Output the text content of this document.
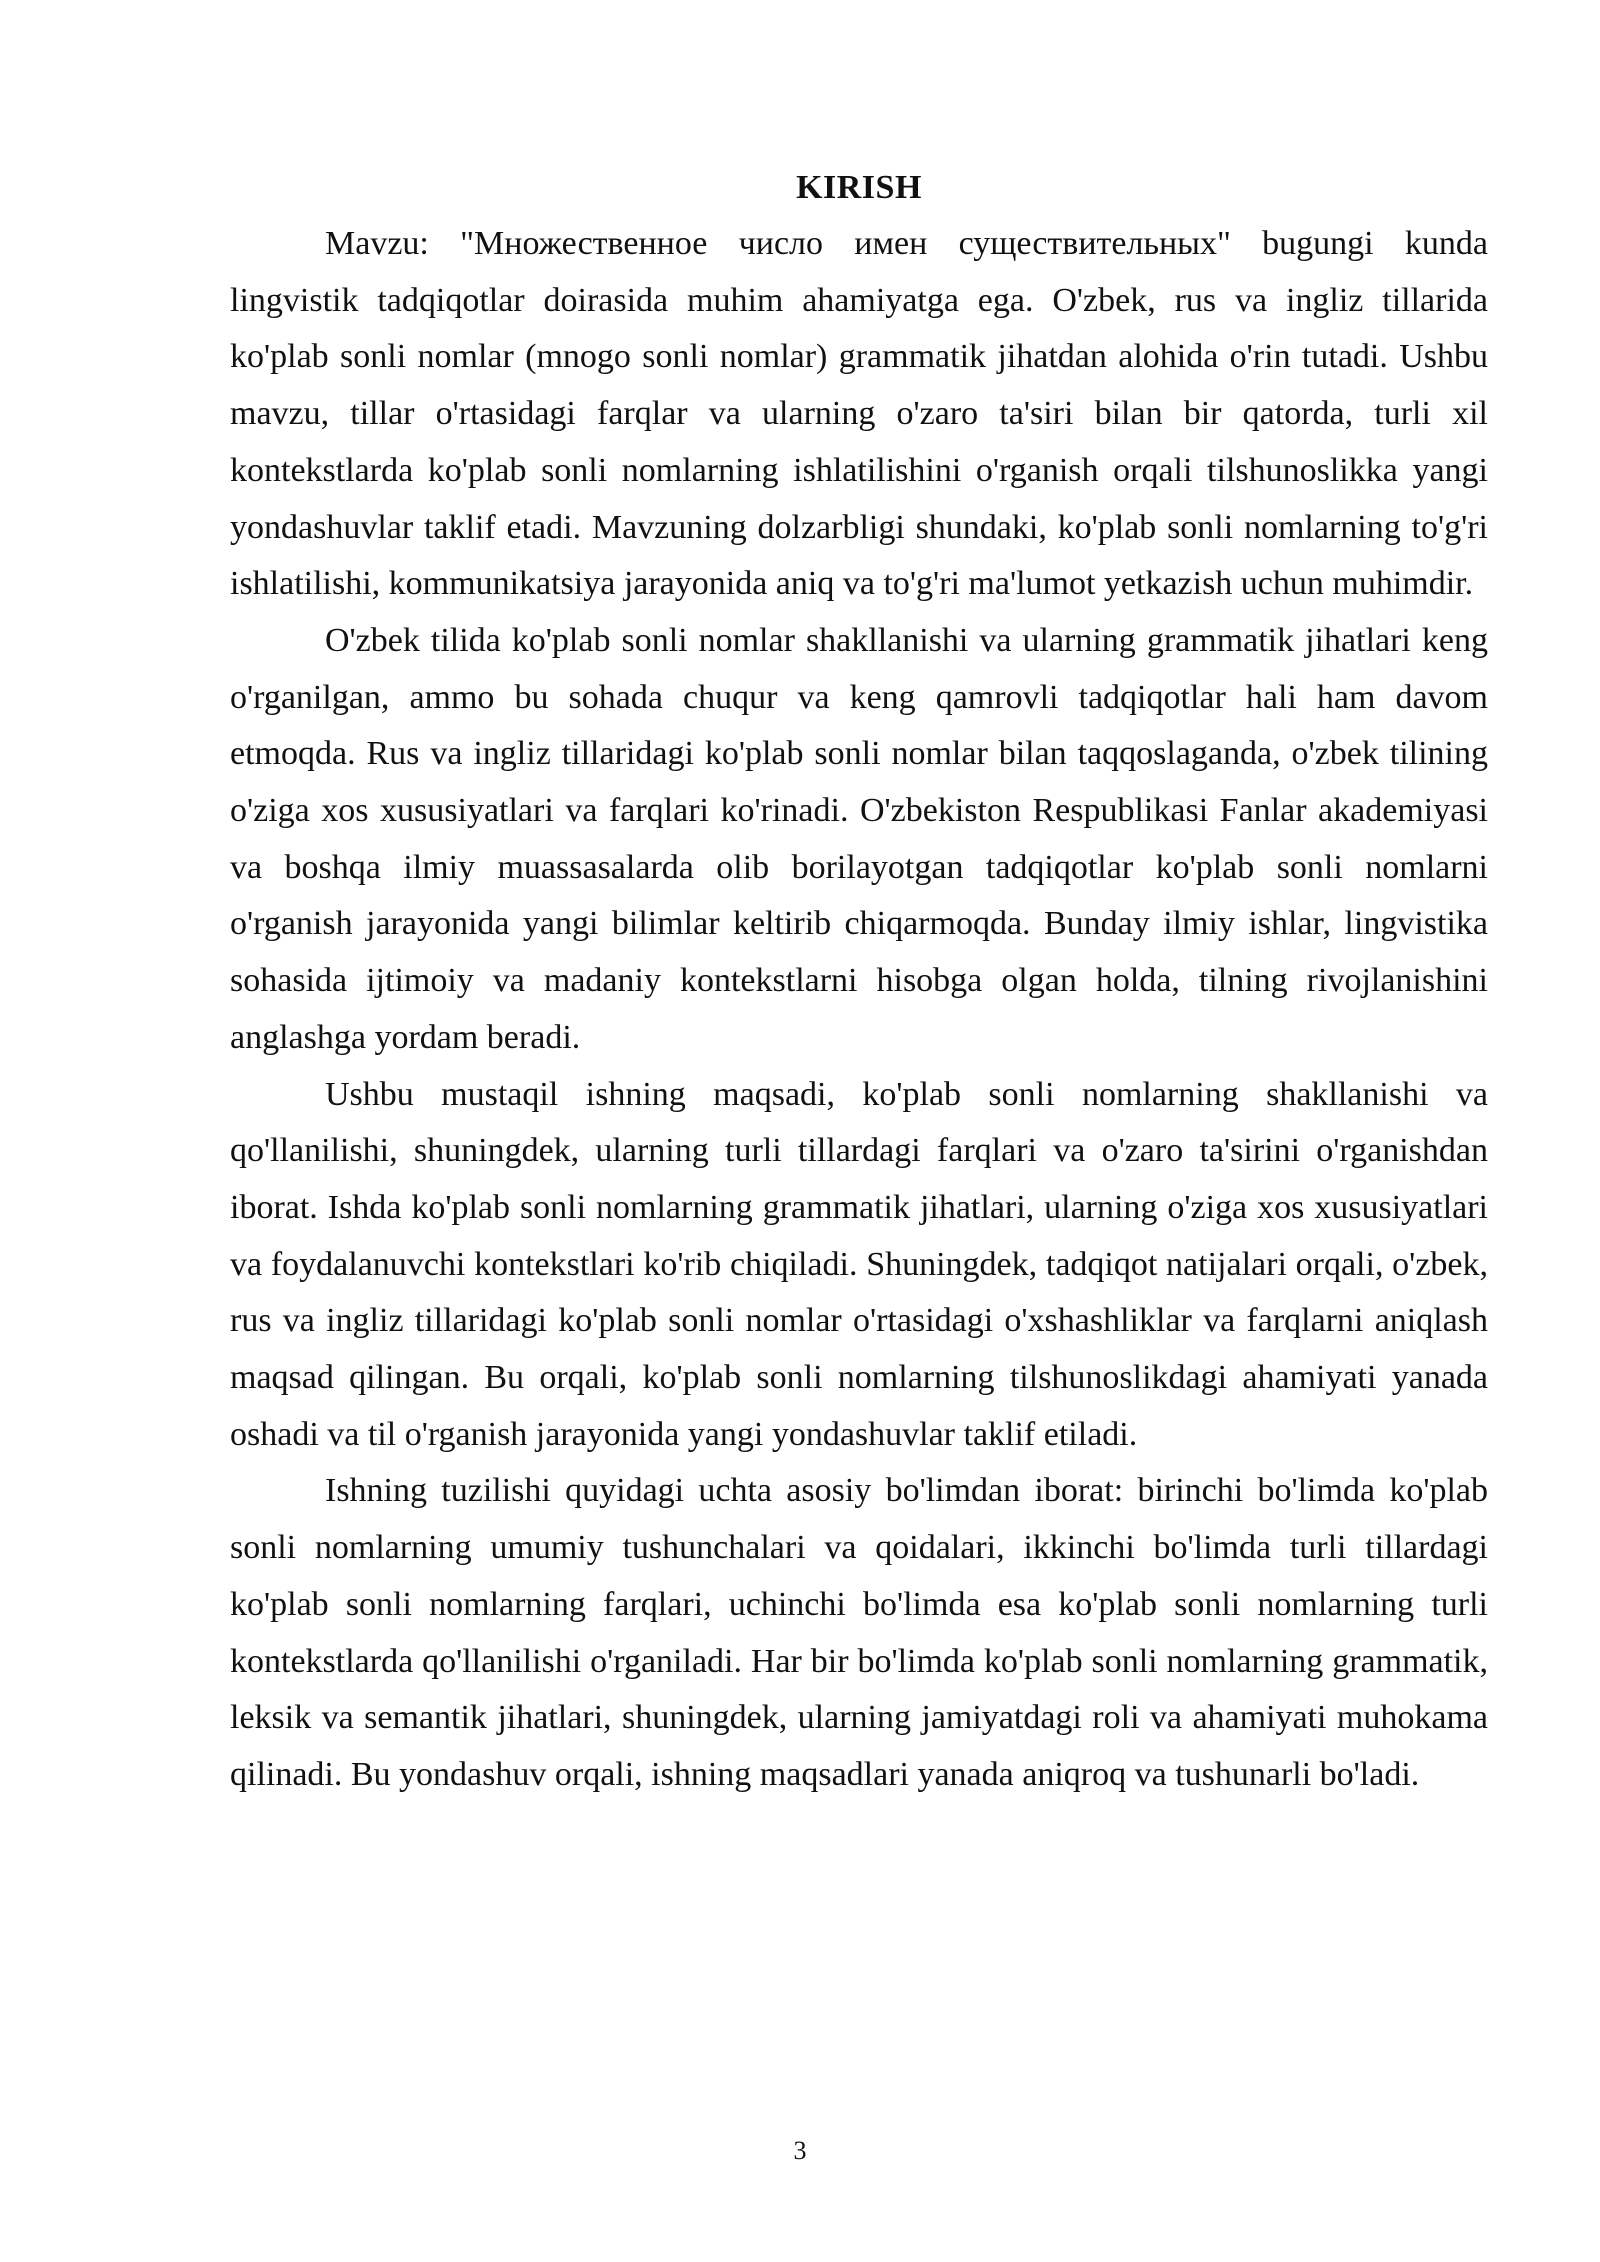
KIRISH

Mavzu: "Множественное число имен существительных" bugungi kunda lingvistik tadqiqotlar doirasida muhim ahamiyatga ega. O'zbek, rus va ingliz tillarida ko'plab sonli nomlar (mnogo sonli nomlar) grammatik jihatdan alohida o'rin tutadi. Ushbu mavzu, tillar o'rtasidagi farqlar va ularning o'zaro ta'siri bilan bir qatorda, turli xil kontekstlarda ko'plab sonli nomlarning ishlatilishini o'rganish orqali tilshunoslikka yangi yondashuvlar taklif etadi. Mavzuning dolzarbligi shundaki, ko'plab sonli nomlarning to'g'ri ishlatilishi, kommunikatsiya jarayonida aniq va to'g'ri ma'lumot yetkazish uchun muhimdir.

O'zbek tilida ko'plab sonli nomlar shakllanishi va ularning grammatik jihatlari keng o'rganilgan, ammo bu sohada chuqur va keng qamrovli tadqiqotlar hali ham davom etmoqda. Rus va ingliz tillaridagi ko'plab sonli nomlar bilan taqqoslaganda, o'zbek tilining o'ziga xos xususiyatlari va farqlari ko'rinadi. O'zbekiston Respublikasi Fanlar akademiyasi va boshqa ilmiy muassasalarda olib borilayotgan tadqiqotlar ko'plab sonli nomlarni o'rganish jarayonida yangi bilimlar keltirib chiqarmoqda. Bunday ilmiy ishlar, lingvistika sohasida ijtimoiy va madaniy kontekstlarni hisobga olgan holda, tilning rivojlanishini anglashga yordam beradi.

Ushbu mustaqil ishning maqsadi, ko'plab sonli nomlarning shakllanishi va qo'llanilishi, shuningdek, ularning turli tillardagi farqlari va o'zaro ta'sirini o'rganishdan iborat. Ishda ko'plab sonli nomlarning grammatik jihatlari, ularning o'ziga xos xususiyatlari va foydalanuvchi kontekstlari ko'rib chiqiladi. Shuningdek, tadqiqot natijalari orqali, o'zbek, rus va ingliz tillaridagi ko'plab sonli nomlar o'rtasidagi o'xshashliklar va farqlarni aniqlash maqsad qilingan. Bu orqali, ko'plab sonli nomlarning tilshunoslikdagi ahamiyati yanada oshadi va til o'rganish jarayonida yangi yondashuvlar taklif etiladi.

Ishning tuzilishi quyidagi uchta asosiy bo'limdan iborat: birinchi bo'limda ko'plab sonli nomlarning umumiy tushunchalari va qoidalari, ikkinchi bo'limda turli tillardagi ko'plab sonli nomlarning farqlari, uchinchi bo'limda esa ko'plab sonli nomlarning turli kontekstlarda qo'llanilishi o'rganiladi. Har bir bo'limda ko'plab sonli nomlarning grammatik, leksik va semantik jihatlari, shuningdek, ularning jamiyatdagi roli va ahamiyati muhokama qilinadi. Bu yondashuv orqali, ishning maqsadlari yanada aniqroq va tushunarli bo'ladi.

3
